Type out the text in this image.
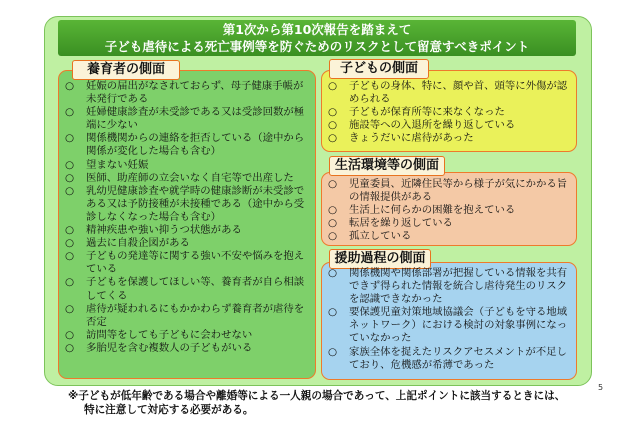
第1次から第10次報告を踏まえて
子ども虐待による死亡事例等を防ぐためのリスクとして留意すべきポイント
養育者の側面
○ 妊娠の届出がなされておらず、母子健康手帳が未発行である
○ 妊婦健康診査が未受診である又は受診回数が極端に少ない
○ 関係機関からの連絡を拒否している（途中から関係が変化した場合も含む）
○ 望まない妊娠
○ 医師、助産師の立会いなく自宅等で出産した
○ 乳幼児健康診査や就学時の健康診断が未受診である又は予防接種が未接種である（途中から受診しなくなった場合も含む）
○ 精神疾患や強い抑うつ状態がある
○ 過去に自殺企図がある
○ 子どもの発達等に関する強い不安や悩みを抱えている
○ 子どもを保護してほしい等、養育者が自ら相談してくる
○ 虐待が疑われるにもかかわらず養育者が虐待を否定
○ 訪問等をしても子どもに会わせない
○ 多胎児を含む複数人の子どもがいる
子どもの側面
○ 子どもの身体、特に、顔や首、頭等に外傷が認められる
○ 子どもが保育所等に来なくなった
○ 施設等への入退所を繰り返している
○ きょうだいに虐待があった
生活環境等の側面
○ 児童委員、近隣住民等から様子が気にかかる旨の情報提供がある
○ 生活上に何らかの困難を抱えている
○ 転居を繰り返している
○ 孤立している
援助過程の側面
○ 関係機関や関係部署が把握している情報を共有できず得られた情報を統合し虐待発生のリスクを認識できなかった
○ 要保護児童対策地域協議会（子どもを守る地域ネットワーク）における検討の対象事例になっていなかった
○ 家族全体を捉えたリスクアセスメントが不足しており、危機感が希薄であった
※子どもが低年齢である場合や離婚等による一人親の場合であって、上記ポイントに該当するときには、
特に注意して対応する必要がある。
5
